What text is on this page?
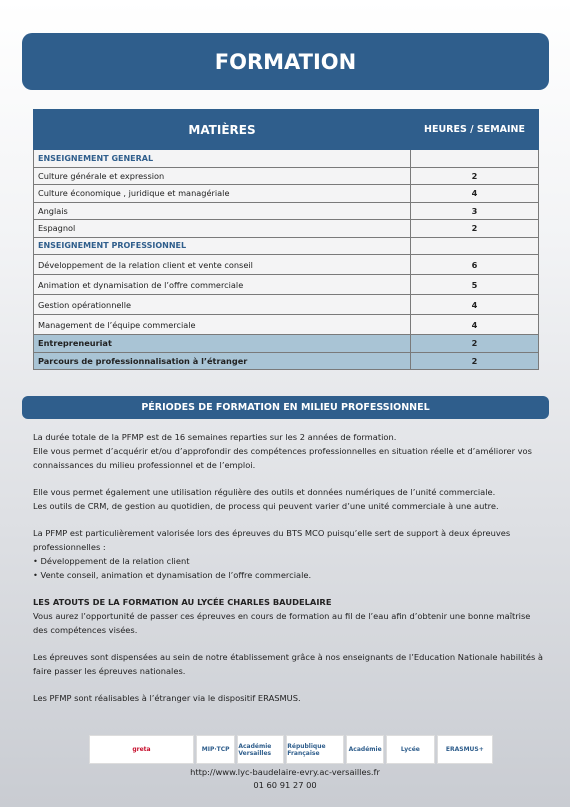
FORMATION
MATIÈRES	HEURES / SEMAINE
ENSEIGNEMENT GENERAL	
Culture générale et expression	2
Culture économique , juridique et managériale	4
Anglais	3
Espagnol	2
ENSEIGNEMENT PROFESSIONNEL	
Développement de la relation client et vente conseil	6
Animation et dynamisation de l’offre commerciale	5
Gestion opérationnelle	4
Management de l’équipe commerciale	4
Entrepreneuriat	2
Parcours de professionnalisation à l’étranger	2
PÉRIODES DE FORMATION EN MILIEU PROFESSIONNEL

La durée totale de la PFMP est de 16 semaines reparties sur les 2 années de formation.
Elle vous permet d’acquérir et/ou d’approfondir des compétences professionnelles en situation réelle et d’améliorer vos connaissances du milieu professionnel et de l’emploi.

Elle vous permet également une utilisation régulière des outils et données numériques de l’unité commerciale.
Les outils de CRM, de gestion au quotidien, de process qui peuvent varier d’une unité commerciale à une autre.

La PFMP est particulièrement valorisée lors des épreuves du BTS MCO puisqu’elle sert de support à deux épreuves professionnelles :
• Développement de la relation client
• Vente conseil, animation et dynamisation de l’offre commerciale.

LES ATOUTS DE LA FORMATION AU LYCÉE CHARLES BAUDELAIRE
Vous aurez l’opportunité de passer ces épreuves en cours de formation au fil de l’eau afin d’obtenir une bonne maîtrise des compétences visées.

Les épreuves sont dispensées au sein de notre établissement grâce à nos enseignants de l’Education Nationale habilités à faire passer les épreuves nationales.

Les PFMP sont réalisables à l’étranger via le dispositif ERASMUS.

greta	MIP·TCP	Académie Versailles
République Française	Académie	Lycée	ERASMUS+
http://www.lyc-baudelaire-evry.ac-versailles.fr
01 60 91 27 00
